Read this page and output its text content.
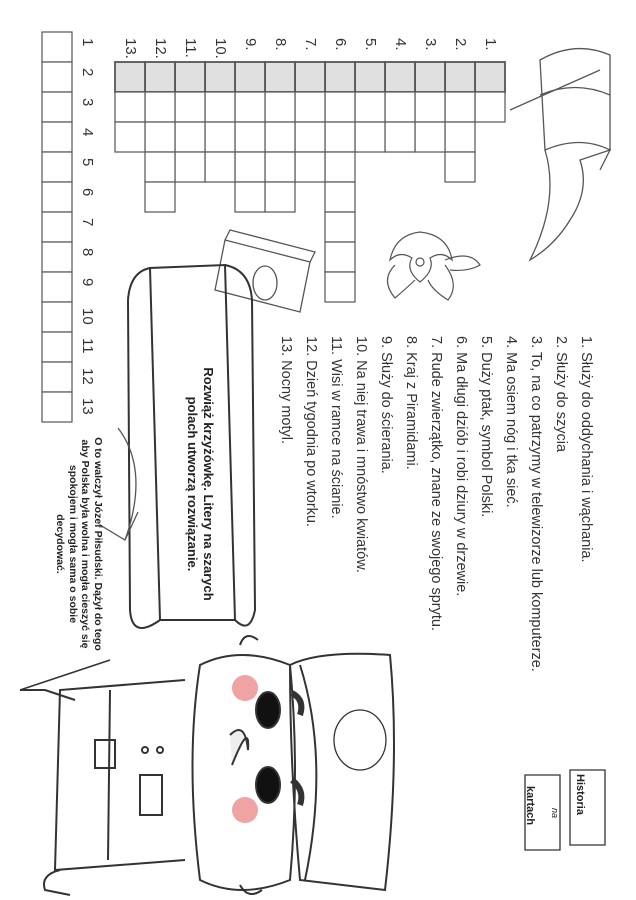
1.
2.
3.
4.
5.
6.
7.
8.
9.
10.
11.
12.
13.
1
2
3
4
5
6
7
8
9
10
11
12
13	1. Służy do oddychania i wąchania.
2. Służy do szycia
3. To, na co patrzymy w telewizorze lub komputerze.
4. Ma osiem nóg i tka sieć.
5. Duży ptak, symbol Polski.
6. Ma długi dziób i robi dziury w drzewie.
7. Rude zwierzątko, znane ze swojego sprytu.
8. Kraj z Piramidami.
9. Służy do ścierania.
10. Na niej trawa i mnóstwo kwiatów.
11. Wisi w ramce na ścianie.
12. Dzień tygodnia po wtorku.
13. Nocny motyl.
Rozwiąż krzyżówkę. Litery na szarych polach utworzą rozwiązanie.
O to walczył Józef Piłsudski. Dążył do tego aby Polska była wolna i mogła cieszyć się spokojem i mogła sama o sobie decydować.
Historia
na
kartach
